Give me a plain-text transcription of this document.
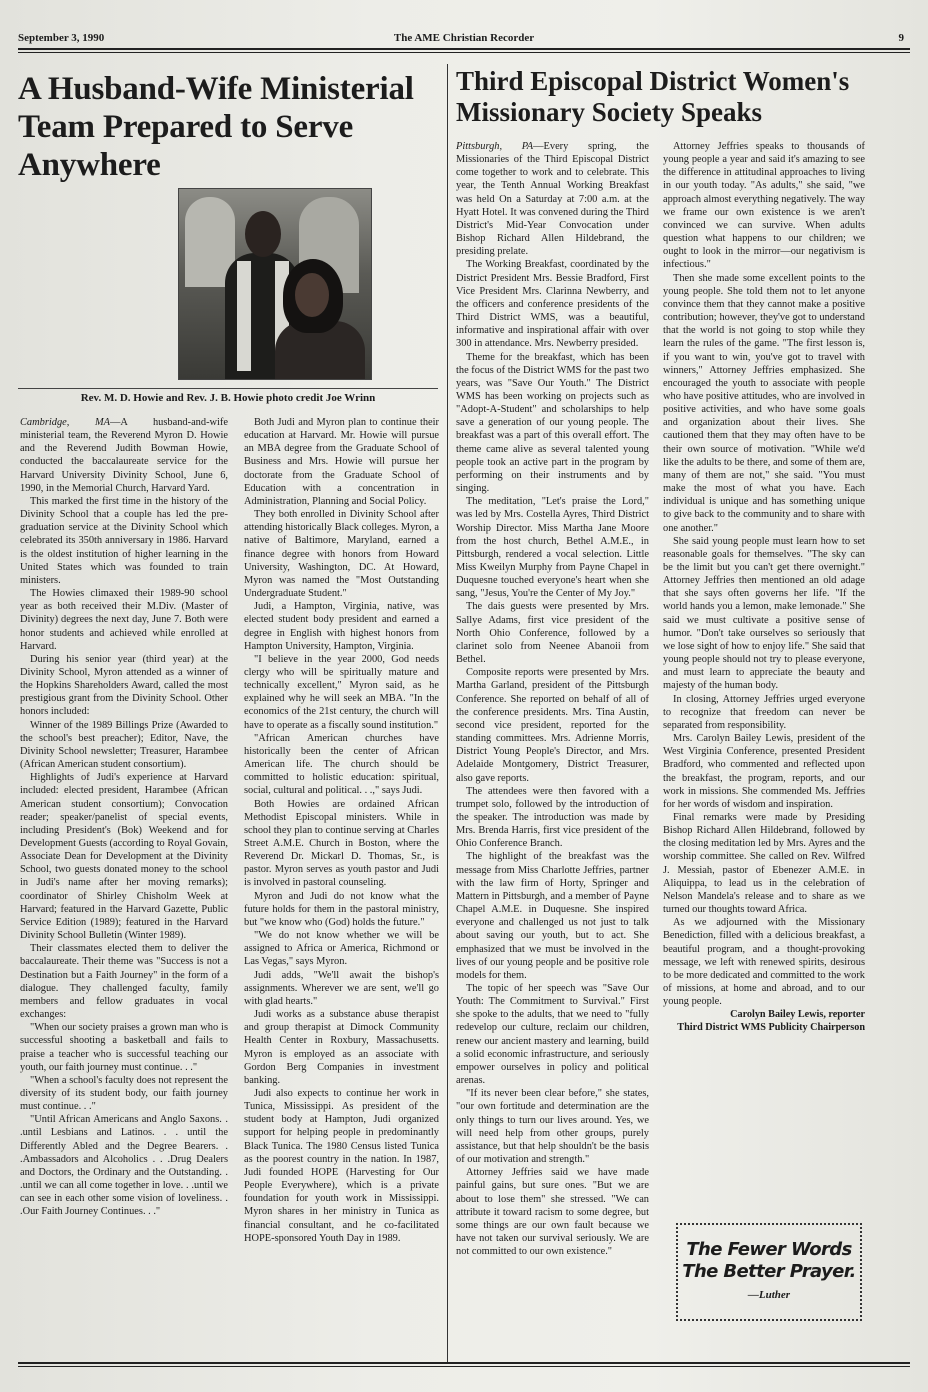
September 3, 1990	The AME Christian Recorder	9
A Husband-Wife Ministerial Team Prepared to Serve Anywhere
Third Episcopal District Women's Missionary Society Speaks
Rev. M. D. Howie and Rev. J. B. Howie photo credit Joe Wrinn

Cambridge, MA—A husband-and-wife ministerial team, the Reverend Myron D. Howie and the Reverend Judith Bowman Howie, conducted the baccalaureate service for the Harvard University Divinity School, June 6, 1990, in the Memorial Church, Harvard Yard.

This marked the first time in the history of the Divinity School that a couple has led the pre-graduation service at the Divinity School which celebrated its 350th anniversary in 1986. Harvard is the oldest institution of higher learning in the United States which was founded to train ministers.

The Howies climaxed their 1989-90 school year as both received their M.Div. (Master of Divinity) degrees the next day, June 7. Both were honor students and achieved while enrolled at Harvard.

During his senior year (third year) at the Divinity School, Myron attended as a winner of the Hopkins Shareholders Award, called the most prestigious grant from the Divinity School. Other honors included:

Winner of the 1989 Billings Prize (Awarded to the school's best preacher); Editor, Nave, the Divinity School newsletter; Treasurer, Harambee (African American student consortium).

Highlights of Judi's experience at Harvard included: elected president, Harambee (African American student consortium); Convocation reader; speaker/panelist of special events, including President's (Bok) Weekend and for Development Guests (according to Royal Govain, Associate Dean for Development at the Divinity School, two guests donated money to the school in Judi's name after her moving remarks); coordinator of Shirley Chisholm Week at Harvard; featured in the Harvard Gazette, Public Service Edition (1989); featured in the Harvard Divinity School Bulletin (Winter 1989).

Their classmates elected them to deliver the baccalaureate. Their theme was "Success is not a Destination but a Faith Journey" in the form of a dialogue. They challenged faculty, family members and fellow graduates in vocal exchanges:

"When our society praises a grown man who is successful shooting a basketball and fails to praise a teacher who is successful teaching our youth, our faith journey must continue. . ."

"When a school's faculty does not represent the diversity of its student body, our faith journey must continue. . ."

"Until African Americans and Anglo Saxons. . .until Lesbians and Latinos. . . until the Differently Abled and the Degree Bearers. . .Ambassadors and Alcoholics . . .Drug Dealers and Doctors, the Ordinary and the Outstanding. . .until we can all come together in love. . .until we can see in each other some vision of loveliness. . .Our Faith Journey Continues. . ."

Both Judi and Myron plan to continue their education at Harvard. Mr. Howie will pursue an MBA degree from the Graduate School of Business and Mrs. Howie will pursue her doctorate from the Graduate School of Education with a concentration in Administration, Planning and Social Policy.

They both enrolled in Divinity School after attending historically Black colleges. Myron, a native of Baltimore, Maryland, earned a finance degree with honors from Howard University, Washington, DC. At Howard, Myron was named the "Most Outstanding Undergraduate Student."

Judi, a Hampton, Virginia, native, was elected student body president and earned a degree in English with highest honors from Hampton University, Hampton, Virginia.

"I believe in the year 2000, God needs clergy who will be spiritually mature and technically excellent," Myron said, as he explained why he will seek an MBA. "In the economics of the 21st century, the church will have to operate as a fiscally sound institution."

"African American churches have historically been the center of African American life. The church should be committed to holistic education: spiritual, social, cultural and political. . .," says Judi.

Both Howies are ordained African Methodist Episcopal ministers. While in school they plan to continue serving at Charles Street A.M.E. Church in Boston, where the Reverend Dr. Mickarl D. Thomas, Sr., is pastor. Myron serves as youth pastor and Judi is involved in pastoral counseling.

Myron and Judi do not know what the future holds for them in the pastoral ministry, but "we know who (God) holds the future."

"We do not know whether we will be assigned to Africa or America, Richmond or Las Vegas," says Myron.

Judi adds, "We'll await the bishop's assignments. Wherever we are sent, we'll go with glad hearts."

Judi works as a substance abuse therapist and group therapist at Dimock Community Health Center in Roxbury, Massachusetts. Myron is employed as an associate with Gordon Berg Companies in investment banking.

Judi also expects to continue her work in Tunica, Mississippi. As president of the student body at Hampton, Judi organized support for helping people in predominantly Black Tunica. The 1980 Census listed Tunica as the poorest country in the nation. In 1987, Judi founded HOPE (Harvesting for Our People Everywhere), which is a private foundation for youth work in Mississippi. Myron shares in her ministry in Tunica as financial consultant, and he co-facilitated HOPE-sponsored Youth Day in 1989.

Pittsburgh, PA—Every spring, the Missionaries of the Third Episcopal District come together to work and to celebrate. This year, the Tenth Annual Working Breakfast was held On a Saturday at 7:00 a.m. at the Hyatt Hotel. It was convened during the Third District's Mid-Year Convocation under Bishop Richard Allen Hildebrand, the presiding prelate.

The Working Breakfast, coordinated by the District President Mrs. Bessie Bradford, First Vice President Mrs. Clarinna Newberry, and the officers and conference presidents of the Third District WMS, was a beautiful, informative and inspirational affair with over 300 in attendance. Mrs. Newberry presided.

Theme for the breakfast, which has been the focus of the District WMS for the past two years, was "Save Our Youth." The District WMS has been working on projects such as "Adopt-A-Student" and scholarships to help save a generation of our young people. The breakfast was a part of this overall effort. The theme came alive as several talented young people took an active part in the program by performing on their instruments and by singing.

The meditation, "Let's praise the Lord," was led by Mrs. Costella Ayres, Third District Worship Director. Miss Martha Jane Moore from the host church, Bethel A.M.E., in Pittsburgh, rendered a vocal selection. Little Miss Kweilyn Murphy from Payne Chapel in Duquesne touched everyone's heart when she sang, "Jesus, You're the Center of My Joy."

The dais guests were presented by Mrs. Sallye Adams, first vice president of the North Ohio Conference, followed by a clarinet solo from Neenee Abanoii from Bethel.

Composite reports were presented by Mrs. Martha Garland, president of the Pittsburgh Conference. She reported on behalf of all of the conference presidents. Mrs. Tina Austin, second vice president, reported for the standing committees. Mrs. Adrienne Morris, District Young People's Director, and Mrs. Adelaide Montgomery, District Treasurer, also gave reports.

The attendees were then favored with a trumpet solo, followed by the introduction of the speaker. The introduction was made by Mrs. Brenda Harris, first vice president of the Ohio Conference Branch.

The highlight of the breakfast was the message from Miss Charlotte Jeffries, partner with the law firm of Horty, Springer and Mattern in Pittsburgh, and a member of Payne Chapel A.M.E. in Duquesne. She inspired everyone and challenged us not just to talk about saving our youth, but to act. She emphasized that we must be involved in the lives of our young people and be positive role models for them.

The topic of her speech was "Save Our Youth: The Commitment to Survival." First she spoke to the adults, that we need to "fully redevelop our culture, reclaim our children, renew our ancient mastery and learning, build a solid economic infrastructure, and seriously empower ourselves in policy and political arenas.

"If its never been clear before," she states, "our own fortitude and determination are the only things to turn our lives around. Yes, we will need help from other groups, purely assistance, but that help shouldn't be the basis of our motivation and strength."

Attorney Jeffries said we have made painful gains, but sure ones. "But we are about to lose them" she stressed. "We can attribute it toward racism to some degree, but some things are our own fault because we have not taken our survival seriously. We are not committed to our own existence."

Attorney Jeffries speaks to thousands of young people a year and said it's amazing to see the difference in attitudinal approaches to living in our youth today. "As adults," she said, "we approach almost everything negatively. The way we frame our own existence is we aren't convinced we can survive. When adults question what happens to our children; we ought to look in the mirror—our negativism is infectious."

Then she made some excellent points to the young people. She told them not to let anyone convince them that they cannot make a positive contribution; however, they've got to understand that the world is not going to stop while they learn the rules of the game. "The first lesson is, if you want to win, you've got to travel with winners," Attorney Jeffries emphasized. She encouraged the youth to associate with people who have positive attitudes, who are involved in positive activities, and who have some goals and organization about their lives. She cautioned them that they may often have to be their own source of motivation. "While we'd like the adults to be there, and some of them are, many of them are not," she said. "You must make the most of what you have. Each individual is unique and has something unique to give back to the community and to share with one another."

She said young people must learn how to set reasonable goals for themselves. "The sky can be the limit but you can't get there overnight." Attorney Jeffries then mentioned an old adage that she says often governs her life. "If the world hands you a lemon, make lemonade." She said we must cultivate a positive sense of humor. "Don't take ourselves so seriously that we lose sight of how to enjoy life." She said that young people should not try to please everyone, and must learn to appreciate the beauty and majesty of the human body.

In closing, Attorney Jeffries urged everyone to recognize that freedom can never be separated from responsibility.

Mrs. Carolyn Bailey Lewis, president of the West Virginia Conference, presented President Bradford, who commented and reflected upon the breakfast, the program, reports, and our work in missions. She commended Ms. Jeffries for her words of wisdom and inspiration.

Final remarks were made by Presiding Bishop Richard Allen Hildebrand, followed by the closing meditation led by Mrs. Ayres and the worship committee. She called on Rev. Wilfred J. Messiah, pastor of Ebenezer A.M.E. in Aliquippa, to lead us in the celebration of Nelson Mandela's release and to share as we turned our thoughts toward Africa.

As we adjourned with the Missionary Benediction, filled with a delicious breakfast, a beautiful program, and a thought-provoking message, we left with renewed spirits, desirous to be more dedicated and committed to the work of missions, at home and abroad, and to our young people.

Carolyn Bailey Lewis, reporter
Third District WMS Publicity Chairperson
The Fewer Words
The Better Prayer.
—Luther
